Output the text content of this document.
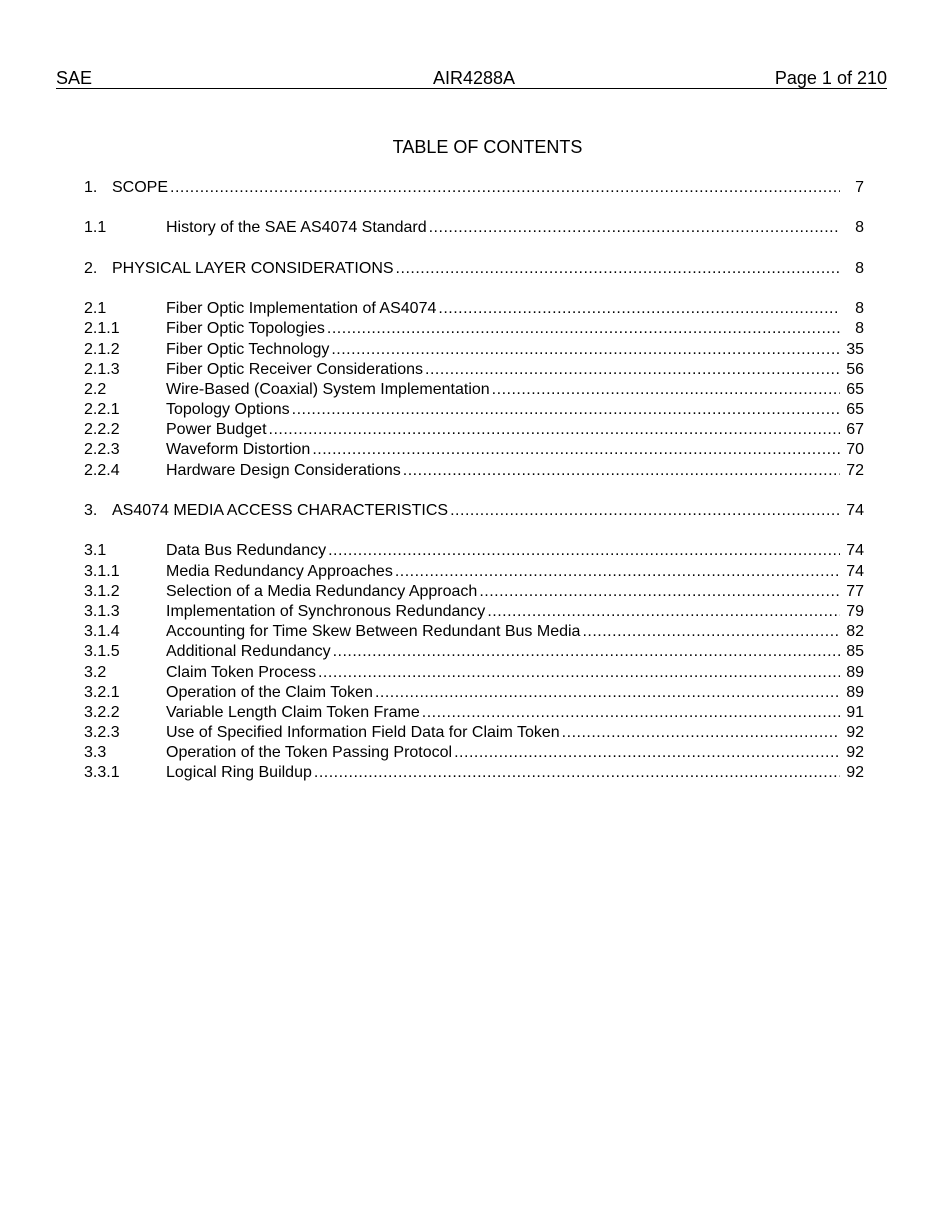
SAE	AIR4288A	Page 1 of 210
TABLE OF CONTENTS
1. SCOPE .....	7
1.1	History of the SAE AS4074 Standard .....	8
2. PHYSICAL LAYER CONSIDERATIONS .....	8
2.1	Fiber Optic Implementation of AS4074 .....	8
2.1.1	Fiber Optic Topologies .....	8
2.1.2	Fiber Optic Technology .....	35
2.1.3	Fiber Optic Receiver Considerations .....	56
2.2	Wire-Based (Coaxial) System Implementation .....	65
2.2.1	Topology Options .....	65
2.2.2	Power Budget .....	67
2.2.3	Waveform Distortion .....	70
2.2.4	Hardware Design Considerations .....	72
3. AS4074 MEDIA ACCESS CHARACTERISTICS .....	74
3.1	Data Bus Redundancy .....	74
3.1.1	Media Redundancy Approaches .....	74
3.1.2	Selection of a Media Redundancy Approach .....	77
3.1.3	Implementation of Synchronous Redundancy .....	79
3.1.4	Accounting for Time Skew Between Redundant Bus Media .....	82
3.1.5	Additional Redundancy .....	85
3.2	Claim Token Process .....	89
3.2.1	Operation of the Claim Token .....	89
3.2.2	Variable Length Claim Token Frame .....	91
3.2.3	Use of Specified Information Field Data for Claim Token .....	92
3.3	Operation of the Token Passing Protocol .....	92
3.3.1	Logical Ring Buildup .....	92
